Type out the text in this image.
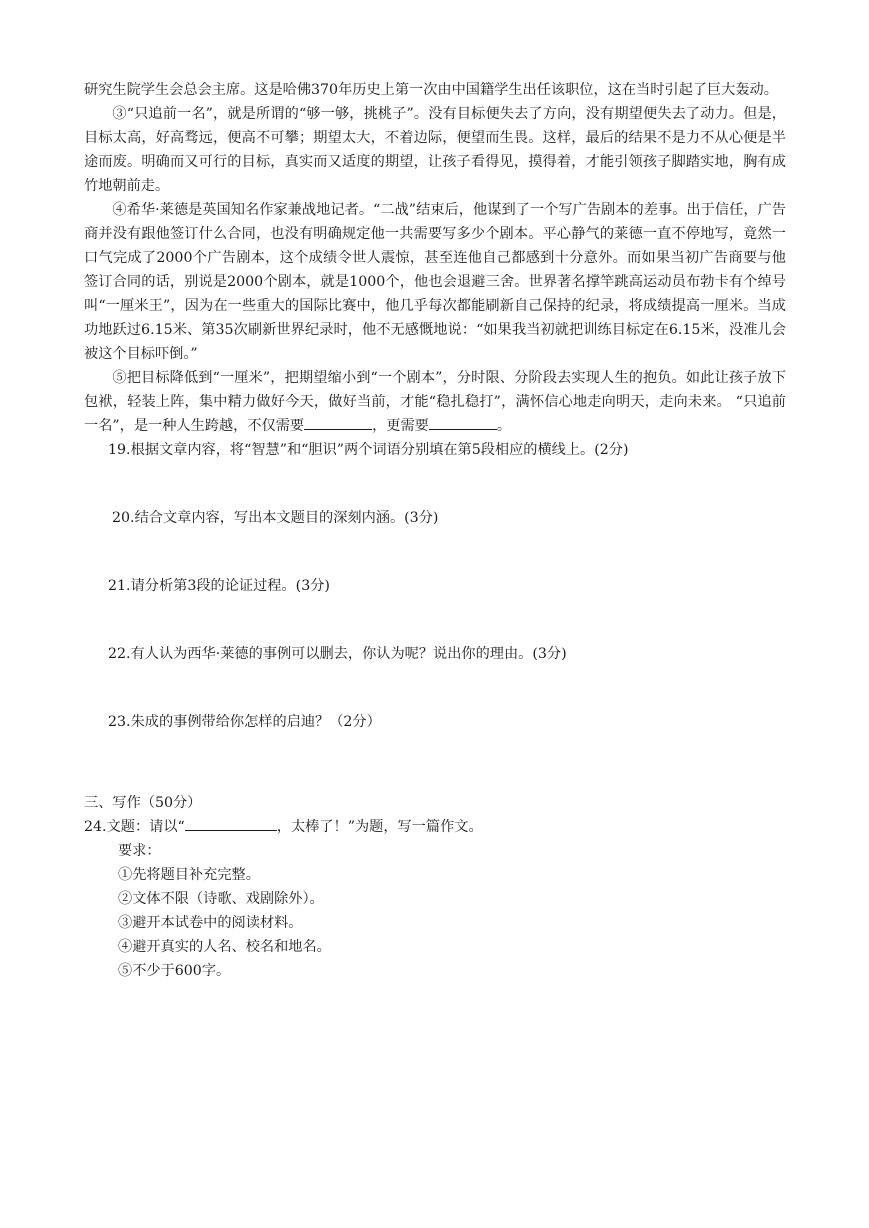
研究生院学生会总会主席。这是哈佛370年历史上第一次由中国籍学生出任该职位，这在当时引起了巨大轰动。

③“只追前一名”，就是所谓的“够一够，挑桃子”。没有目标便失去了方向，没有期望便失去了动力。但是，目标太高，好高骛远，便高不可攀；期望太大，不着边际，便望而生畏。这样，最后的结果不是力不从心便是半途而废。明确而又可行的目标，真实而又适度的期望，让孩子看得见，摸得着，才能引领孩子脚踏实地，胸有成竹地朝前走。

④希华·莱德是英国知名作家兼战地记者。“二战”结束后，他谋到了一个写广告剧本的差事。出于信任，广告商并没有跟他签订什么合同，也没有明确规定他一共需要写多少个剧本。平心静气的莱德一直不停地写，竟然一口气完成了2000个广告剧本，这个成绩令世人震惊，甚至连他自己都感到十分意外。而如果当初广告商要与他签订合同的话，别说是2000个剧本，就是1000个，他也会退避三舍。世界著名撑竿跳高运动员布勃卡有个绰号叫“一厘米王”，因为在一些重大的国际比赛中，他几乎每次都能刷新自己保持的纪录，将成绩提高一厘米。当成功地跃过6.15米、第35次刷新世界纪录时，他不无感慨地说：“如果我当初就把训练目标定在6.15米，没准儿会被这个目标吓倒。”

⑤把目标降低到“一厘米”，把期望缩小到“一个剧本”，分时限、分阶段去实现人生的抱负。如此让孩子放下包袱，轻装上阵，集中精力做好今天，做好当前，才能“稳扎稳打”，满怀信心地走向明天，走向未来。 “只追前一名”，是一种人生跨越，不仅需要	，更需要	。

19.根据文章内容，将“智慧”和“胆识”两个词语分别填在第5段相应的横线上。(2分)

20.结合文章内容，写出本文题目的深刻内涵。(3分)

21.请分析第3段的论证过程。(3分)

22.有人认为西华·莱德的事例可以删去，你认为呢？说出你的理由。(3分)

23.朱成的事例带给你怎样的启迪？（2分）

三、写作（50分）

24.文题：请以“	，太棒了！”为题，写一篇作文。

要求：

①先将题目补充完整。

②文体不限（诗歌、戏剧除外）。

③避开本试卷中的阅读材料。

④避开真实的人名、校名和地名。

⑤不少于600字。
